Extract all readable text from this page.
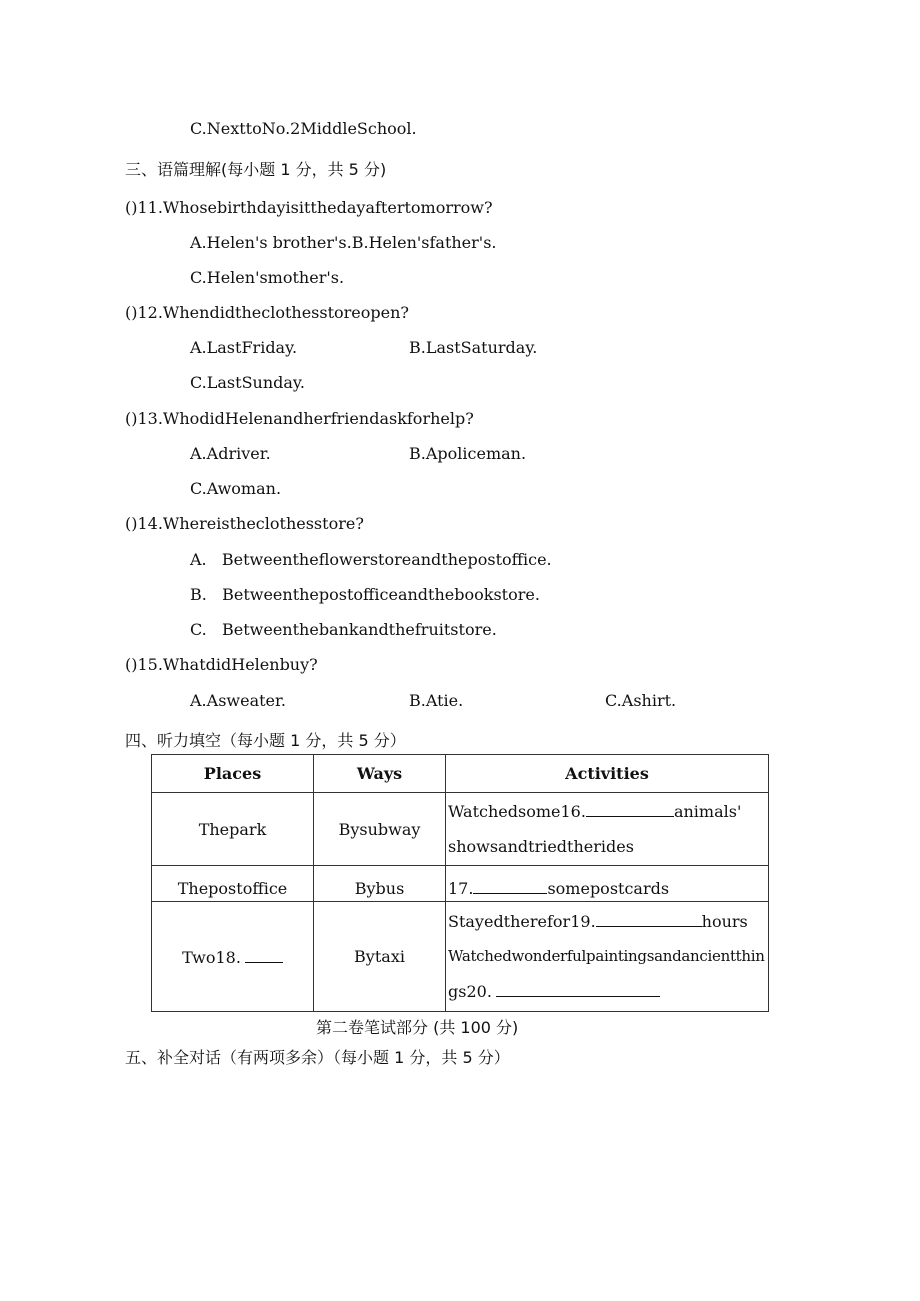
C.NexttoNo.2MiddleSchool.
三、语篇理解(每小题 1 分，共 5 分)
()11.Whosebirthdayisitthedayaftertomorrow?
A.Helen's brother's.B.Helen'sfather's.
C.Helen'smother's.
()12.Whendidtheclothesstoreopen?
A.LastFriday.	B.LastSaturday.
C.LastSunday.
()13.WhodidHelenandherfriendaskforhelp?
A.Adriver.	B.Apoliceman.
C.Awoman.
()14.Whereistheclothesstore?
A.   Betweentheflowerstoreandthepostoffice.
B.   Betweenthepostofficeandthebookstore.
C.   Betweenthebankandthefruitstore.
()15.WhatdidHelenbuy?
A.Asweater.	B.Atie.	C.Ashirt.
四、听力填空（每小题 1 分，共 5 分）
Places	Ways	Activities
Thepark	Bysubway	Watchedsome16. animals'
showsandtriedtherides

Thepostoffice	Bybus	17. somepostcards
Two18.	Bytaxi	Stayedtherefor19. hours
Watchedwonderfulpaintingsandancientthin
gs20.
第二卷笔试部分 (共 100 分)
五、补全对话（有两项多余）（每小题 1 分，共 5 分）
